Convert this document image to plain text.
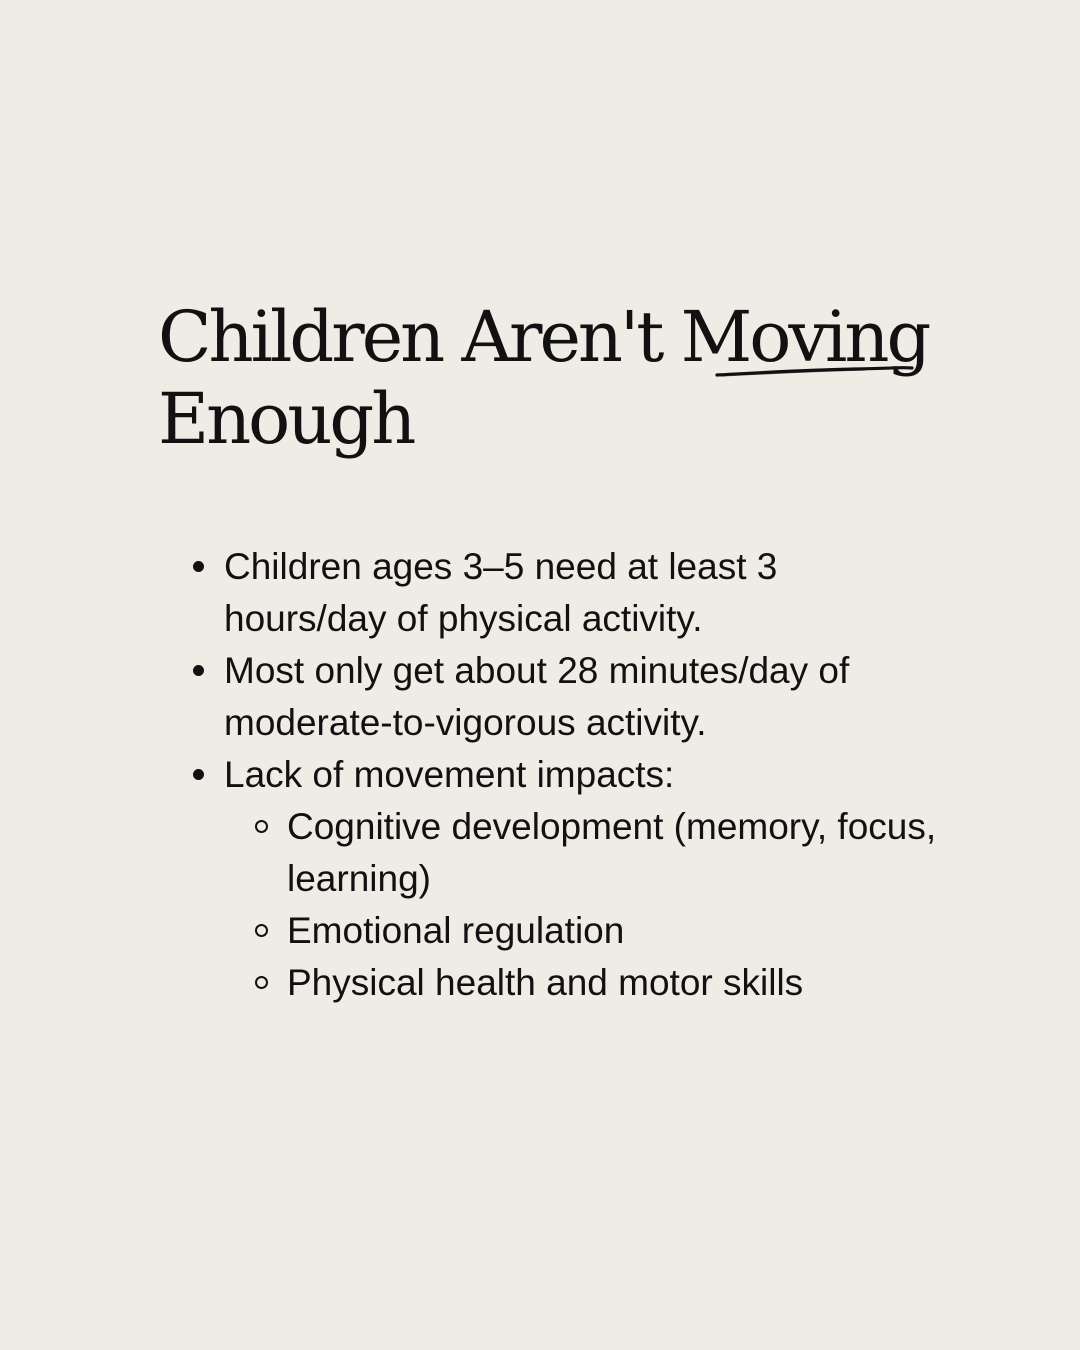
Children Aren't Moving
Enough
Children ages 3–5 need at least 3 hours/day of physical activity.
Most only get about 28 minutes/day of moderate-to-vigorous activity.
Lack of movement impacts:
Cognitive development (memory, focus, learning)
Emotional regulation
Physical health and motor skills
